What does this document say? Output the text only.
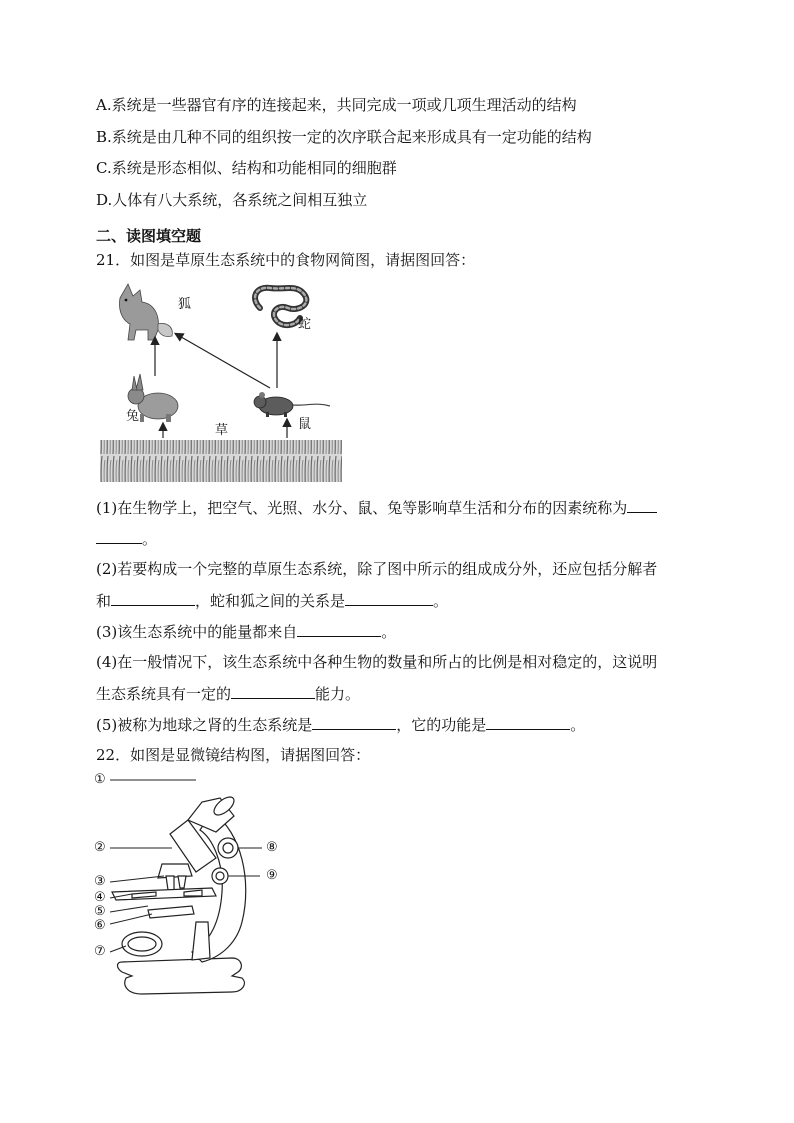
A.系统是一些器官有序的连接起来，共同完成一项或几项生理活动的结构
B.系统是由几种不同的组织按一定的次序联合起来形成具有一定功能的结构
C.系统是形态相似、结构和功能相同的细胞群
D.人体有八大系统，各系统之间相互独立
二、读图填空题
21．如图是草原生态系统中的食物网简图，请据图回答：
狐
蛇
兔
草	鼠
(1)在生物学上，把空气、光照、水分、鼠、兔等影响草生活和分布的因素统称为
。
(2)若要构成一个完整的草原生态系统，除了图中所示的组成成分外，还应包括分解者
和	，蛇和狐之间的关系是	。
(3)该生态系统中的能量都来自	。
(4)在一般情况下，该生态系统中各种生物的数量和所占的比例是相对稳定的，这说明
生态系统具有一定的	能力。
(5)被称为地球之肾的生态系统是	，它的功能是	。
22．如图是显微镜结构图，请据图回答：
①
②
③
④
⑤
⑥
⑦
⑧
⑨
